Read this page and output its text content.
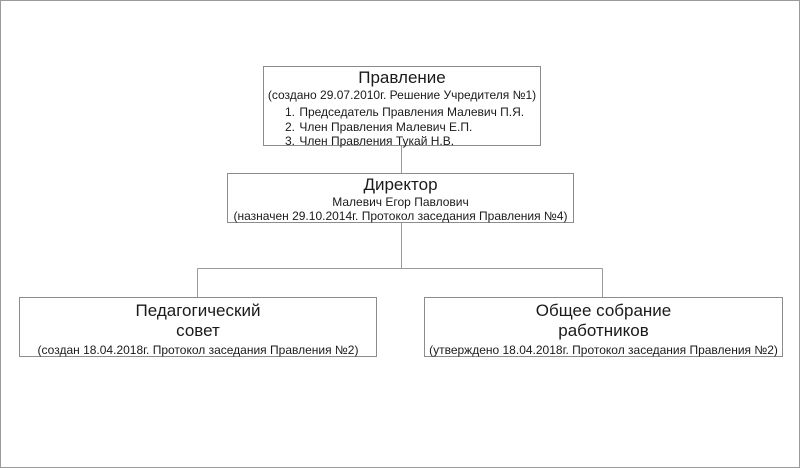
Правление
(создано 29.07.2010г. Решение Учредителя №1)
1. Председатель Правления Малевич П.Я.
2. Член Правления Малевич Е.П.
3. Член Правления Тукай Н.В.
Директор
Малевич Егор Павлович
(назначен 29.10.2014г. Протокол заседания Правления №4)
Педагогический
совет
(создан 18.04.2018г. Протокол заседания Правления №2)
Общее собрание
работников
(утверждено 18.04.2018г. Протокол заседания Правления №2)
